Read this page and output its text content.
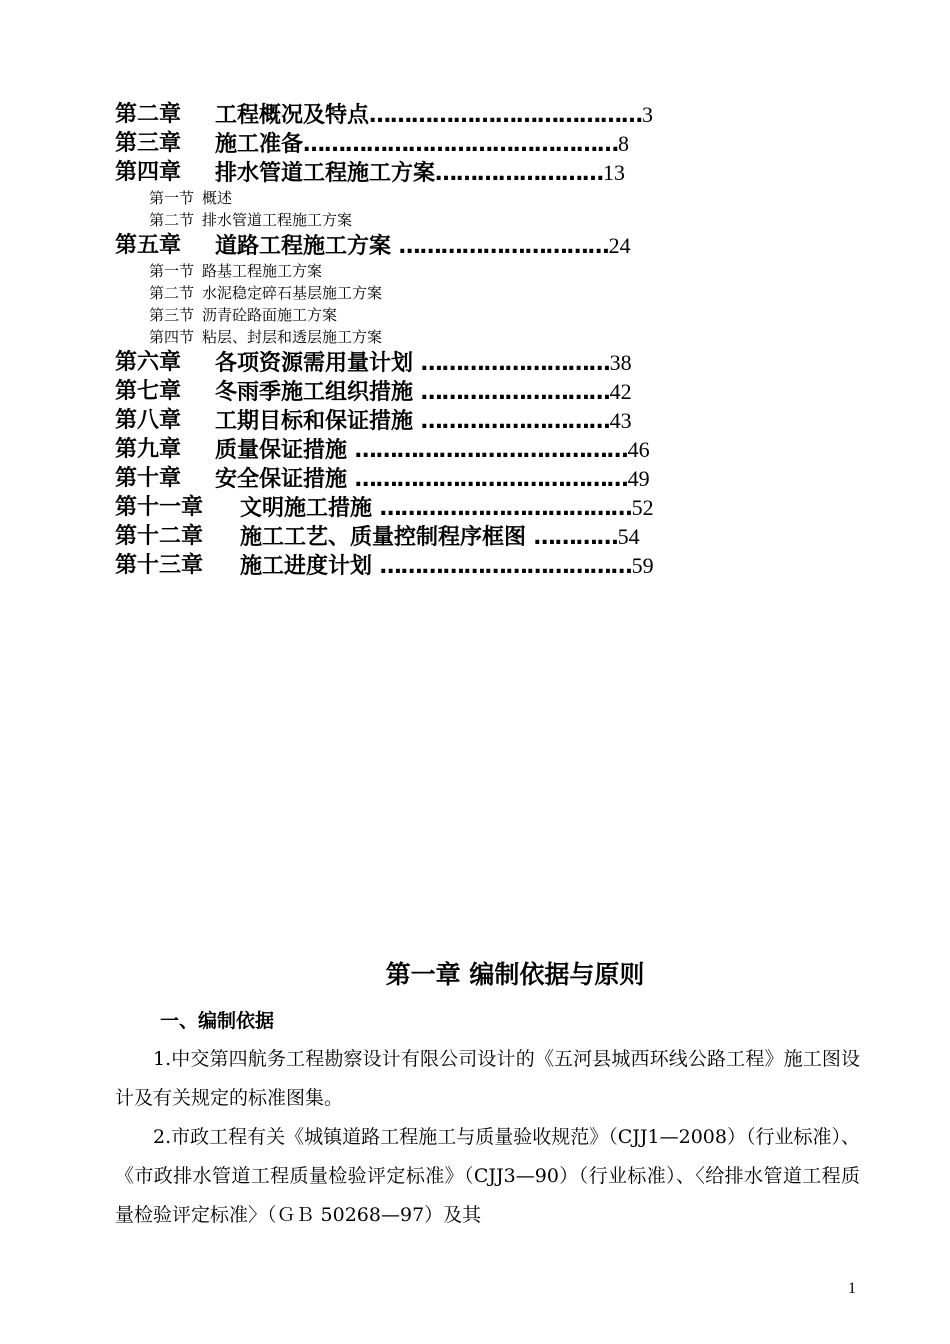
第二章 工程概况及特点…………………………………3
第三章 施工准备………………………………………8
第四章 排水管道工程施工方案……………………13
第一节 概述
第二节 排水管道工程施工方案
第五章 道路工程施工方案 …………………………24
第一节 路基工程施工方案
第二节 水泥稳定碎石基层施工方案
第三节 沥青砼路面施工方案
第四节 粘层、封层和透层施工方案
第六章 各项资源需用量计划 ………………………38
第七章 冬雨季施工组织措施 ………………………42
第八章 工期目标和保证措施 ………………………43
第九章 质量保证措施 …………………………………46
第十章 安全保证措施 …………………………………49
第十一章 文明施工措施 ………………………………52
第十二章 施工工艺、质量控制程序框图 …………54
第十三章 施工进度计划 ………………………………59
第一章 编制依据与原则
一、编制依据

1.中交第四航务工程勘察设计有限公司设计的《五河县城西环线公路工程》施工图设计及有关规定的标准图集。

2.市政工程有关《城镇道路工程施工与质量验收规范》（CJJ1—2008）（行业标准）、《市政排水管道工程质量检验评定标准》（CJJ3—90）（行业标准）、〈给排水管道工程质量检验评定标准〉（ＧＢ 50268—97）及其

1
